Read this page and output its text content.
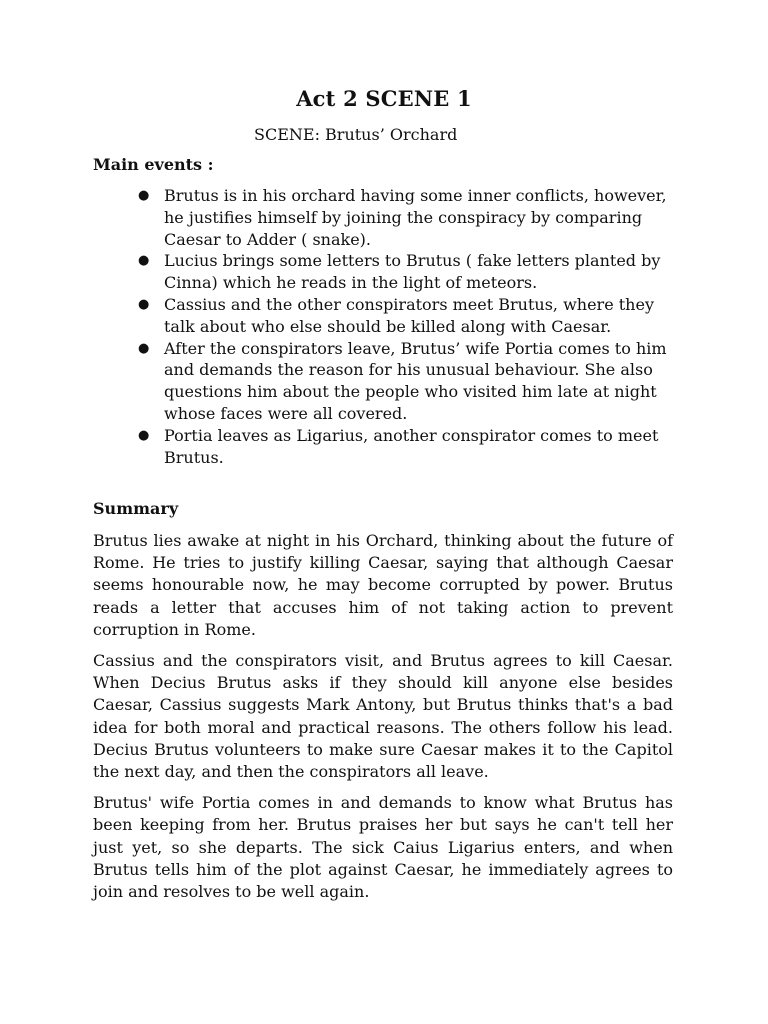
Act 2 SCENE 1
SCENE: Brutus’ Orchard
Main events :
● Brutus is in his orchard having some inner conflicts, however, he justifies himself by joining the conspiracy by comparing Caesar to Adder ( snake).
● Lucius brings some letters to Brutus ( fake letters planted by Cinna) which he reads in the light of meteors.
● Cassius and the other conspirators meet Brutus, where they talk about who else should be killed along with Caesar.
● After the conspirators leave, Brutus’ wife Portia comes to him and demands the reason for his unusual behaviour. She also questions him about the people who visited him late at night whose faces were all covered.
● Portia leaves as Ligarius, another conspirator comes to meet Brutus.
Summary

Brutus lies awake at night in his Orchard, thinking about the future of Rome. He tries to justify killing Caesar, saying that although Caesar seems honourable now, he may become corrupted by power. Brutus reads a letter that accuses him of not taking action to prevent corruption in Rome.

Cassius and the conspirators visit, and Brutus agrees to kill Caesar. When Decius Brutus asks if they should kill anyone else besides Caesar, Cassius suggests Mark Antony, but Brutus thinks that's a bad idea for both moral and practical reasons. The others follow his lead. Decius Brutus volunteers to make sure Caesar makes it to the Capitol the next day, and then the conspirators all leave.

Brutus' wife Portia comes in and demands to know what Brutus has been keeping from her. Brutus praises her but says he can't tell her just yet, so she departs. The sick Caius Ligarius enters, and when Brutus tells him of the plot against Caesar, he immediately agrees to join and resolves to be well again.
